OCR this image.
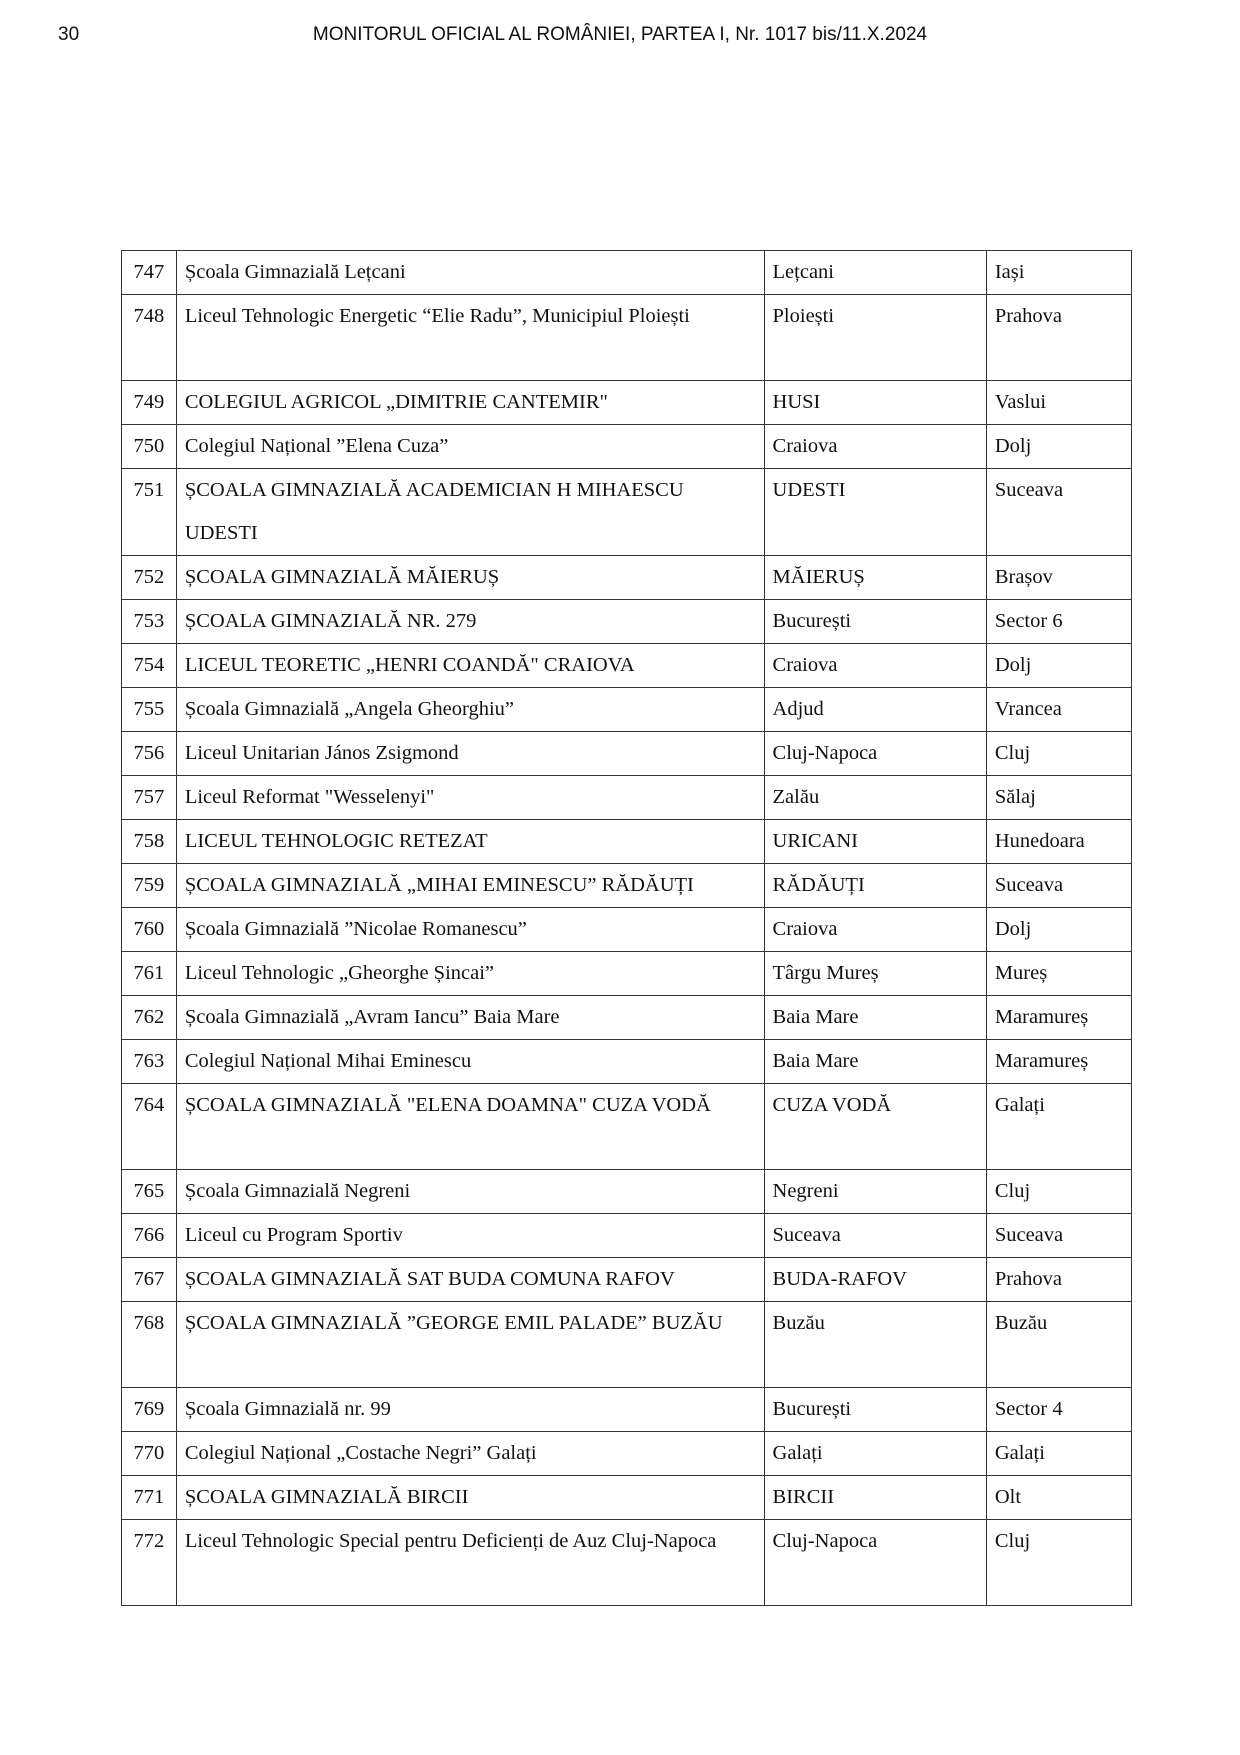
30	MONITORUL OFICIAL AL ROMÂNIEI, PARTEA I, Nr. 1017 bis/11.X.2024
747	Școala Gimnazială Lețcani	Lețcani	Iași
748	Liceul Tehnologic Energetic “Elie Radu”, Municipiul Ploiești	Ploiești	Prahova
749	COLEGIUL AGRICOL „DIMITRIE CANTEMIR"	HUSI	Vaslui
750	Colegiul Național ”Elena Cuza”	Craiova	Dolj
751	ȘCOALA GIMNAZIALĂ ACADEMICIAN H MIHAESCU UDESTI	UDESTI	Suceava
752	ȘCOALA GIMNAZIALĂ MĂIERUȘ	MĂIERUȘ	Brașov
753	ȘCOALA GIMNAZIALĂ NR. 279	București	Sector 6
754	LICEUL TEORETIC „HENRI COANDĂ" CRAIOVA	Craiova	Dolj
755	Școala Gimnazială „Angela Gheorghiu”	Adjud	Vrancea
756	Liceul Unitarian János Zsigmond	Cluj-Napoca	Cluj
757	Liceul Reformat "Wesselenyi"	Zalău	Sălaj
758	LICEUL TEHNOLOGIC RETEZAT	URICANI	Hunedoara
759	ȘCOALA GIMNAZIALĂ „MIHAI EMINESCU” RĂDĂUȚI	RĂDĂUȚI	Suceava
760	Școala Gimnazială ”Nicolae Romanescu”	Craiova	Dolj
761	Liceul Tehnologic „Gheorghe Șincai”	Târgu Mureș	Mureș
762	Școala Gimnazială „Avram Iancu” Baia Mare	Baia Mare	Maramureș
763	Colegiul Național Mihai Eminescu	Baia Mare	Maramureș
764	ȘCOALA GIMNAZIALĂ "ELENA DOAMNA" CUZA VODĂ	CUZA VODĂ	Galați
765	Școala Gimnazială Negreni	Negreni	Cluj
766	Liceul cu Program Sportiv	Suceava	Suceava
767	ȘCOALA GIMNAZIALĂ SAT BUDA COMUNA RAFOV	BUDA-RAFOV	Prahova
768	ȘCOALA GIMNAZIALĂ ”GEORGE EMIL PALADE” BUZĂU	Buzău	Buzău
769	Școala Gimnazială nr. 99	București	Sector 4
770	Colegiul Național „Costache Negri” Galați	Galați	Galați
771	ȘCOALA GIMNAZIALĂ BIRCII	BIRCII	Olt
772	Liceul Tehnologic Special pentru Deficienți de Auz Cluj-Napoca	Cluj-Napoca	Cluj
